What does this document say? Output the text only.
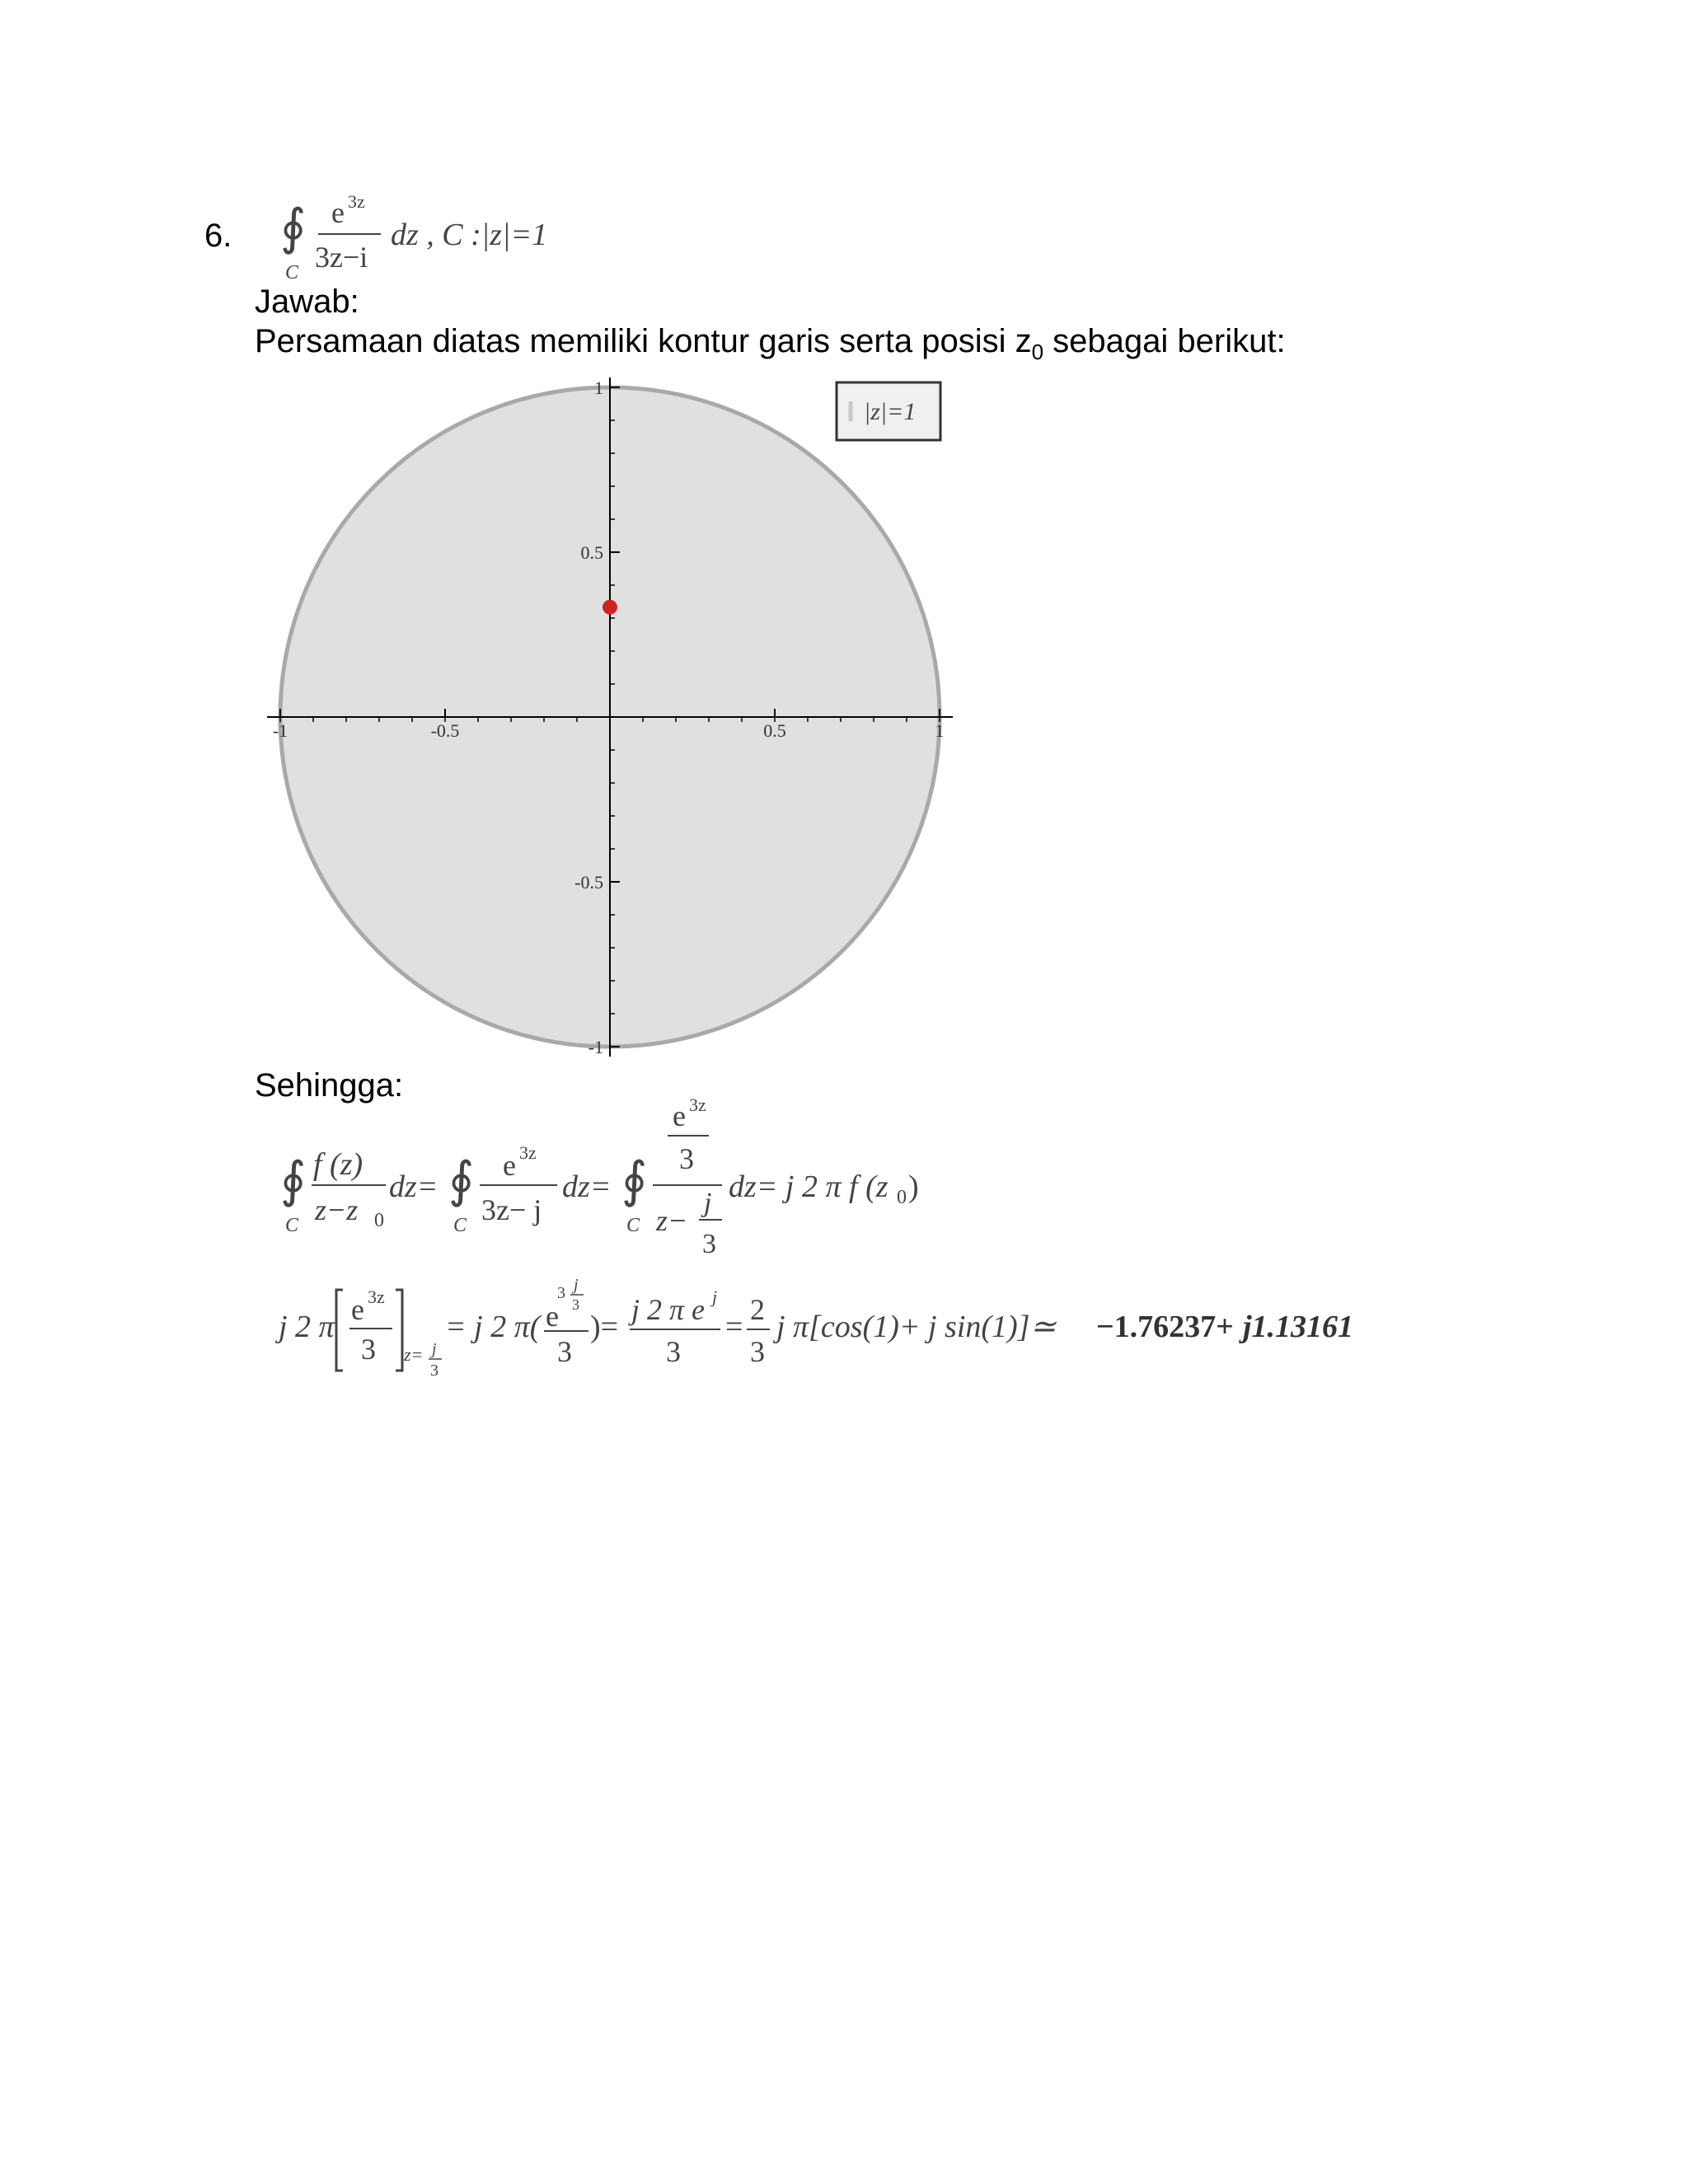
6. ∮
C
e 3z
3z−i
dz , C :|z|=1
Jawab:
Persamaan diatas memiliki kontur garis serta posisi $z_0$ sebagai berikut:
-1	-0.5	0.5	1
1
0.5
-0.5
-1
|z|=1
Sehingga:
∮
C
f (z)
z−z 0
dz= ∮
C
e 3z
3z− j
dz= ∮
C
e 3z
3
z−
j
3
dz= j 2 π f (z 0 )
j 2 π e 3z
3 z= j
3
= j 2 π( e
3 j
3
3
)= j 2 π e j
3
= 2
3
j π[cos(1)+ j sin(1)]≃ −1.76237+ j1.13161
